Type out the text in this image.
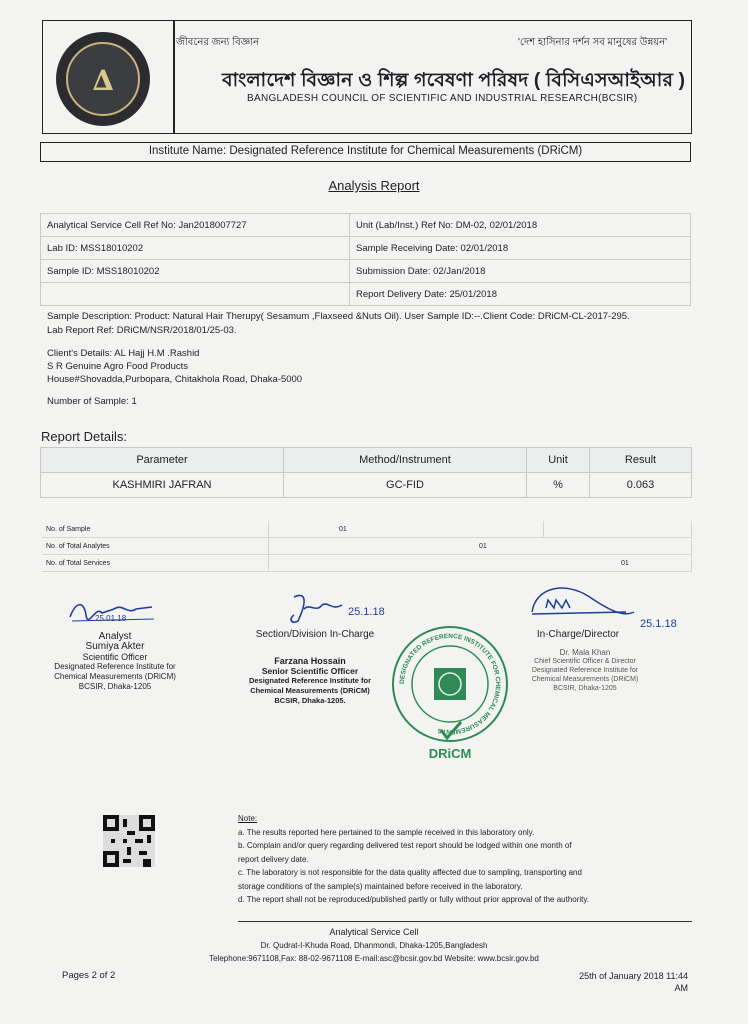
∆
জীবনের জন্য বিজ্ঞান	'দেশ হাসিনার দর্শন সব মানুষের উন্নয়ন'
বাংলাদেশ বিজ্ঞান ও শিল্প গবেষণা পরিষদ ( বিসিএসআইআর )
BANGLADESH COUNCIL OF SCIENTIFIC AND INDUSTRIAL RESEARCH(BCSIR)
Institute Name: Designated Reference Institute for Chemical Measurements (DRiCM)
Analysis Report
Analytical Service Cell Ref No: Jan2018007727	Unit (Lab/Inst.) Ref No: DM-02, 02/01/2018
Lab ID: MSS18010202	Sample Receiving Date: 02/01/2018
Sample ID: MSS18010202	Submission Date: 02/Jan/2018
	Report Delivery Date: 25/01/2018
Sample Description: Product: Natural Hair Therupy( Sesamum ,Flaxseed &Nuts Oil). User Sample ID:--.Client Code: DRiCM-CL-2017-295. Lab Report Ref: DRiCM/NSR/2018/01/25-03.
Client's Details: AL Hajj H.M .Rashid
S R Genuine Agro Food Products
House#Shovadda,Purbopara, Chitakhola Road, Dhaka-5000
Number of Sample: 1
Report Details:
Parameter	Method/Instrument	Unit	Result
KASHMIRI JAFRAN	GC-FID	%	0.063
No. of Sample	01	
No. of Total Analytes	01	
No. of Total Services	01	
25.01.18
Analyst
Sumiya Akter
Scientific Officer
Designated Reference Institute for
Chemical Measurements (DRiCM)
BCSIR, Dhaka-1205
25.1.18
Section/Division In-Charge
Farzana Hossain
Senior Scientific Officer
Designated Reference Institute for
Chemical Measurements (DRiCM)
BCSIR, Dhaka-1205.
25.1.18
In-Charge/Director
Dr. Mala Khan
Chief Scientific Officer & Director
Designated Reference Institute for
Chemical Measurements (DRiCM)
BCSIR, Dhaka-1205
DESIGNATED REFERENCE INSTITUTE FOR CHEMICAL MEASUREMENTS
DRiCM
Note:
a. The results reported here pertained to the sample received in this laboratory only.
b. Complain and/or query regarding delivered test report should be lodged within one month of
report delivery date.
c. The laboratory is not responsible for the data quality affected due to sampling, transporting and
storage conditions of the sample(s) maintained before received in the laboratory.
d. The report shall not be reproduced/published partly or fully without prior approval of the authority.
Analytical Service Cell
Dr. Qudrat-I-Khuda Road, Dhanmondi, Dhaka-1205,Bangladesh
Telephone:9671108,Fax: 88-02-9671108 E-mail:asc@bcsir.gov.bd Website: www.bcsir.gov.bd
Pages 2 of 2	25th of January 2018 11:44
AM
